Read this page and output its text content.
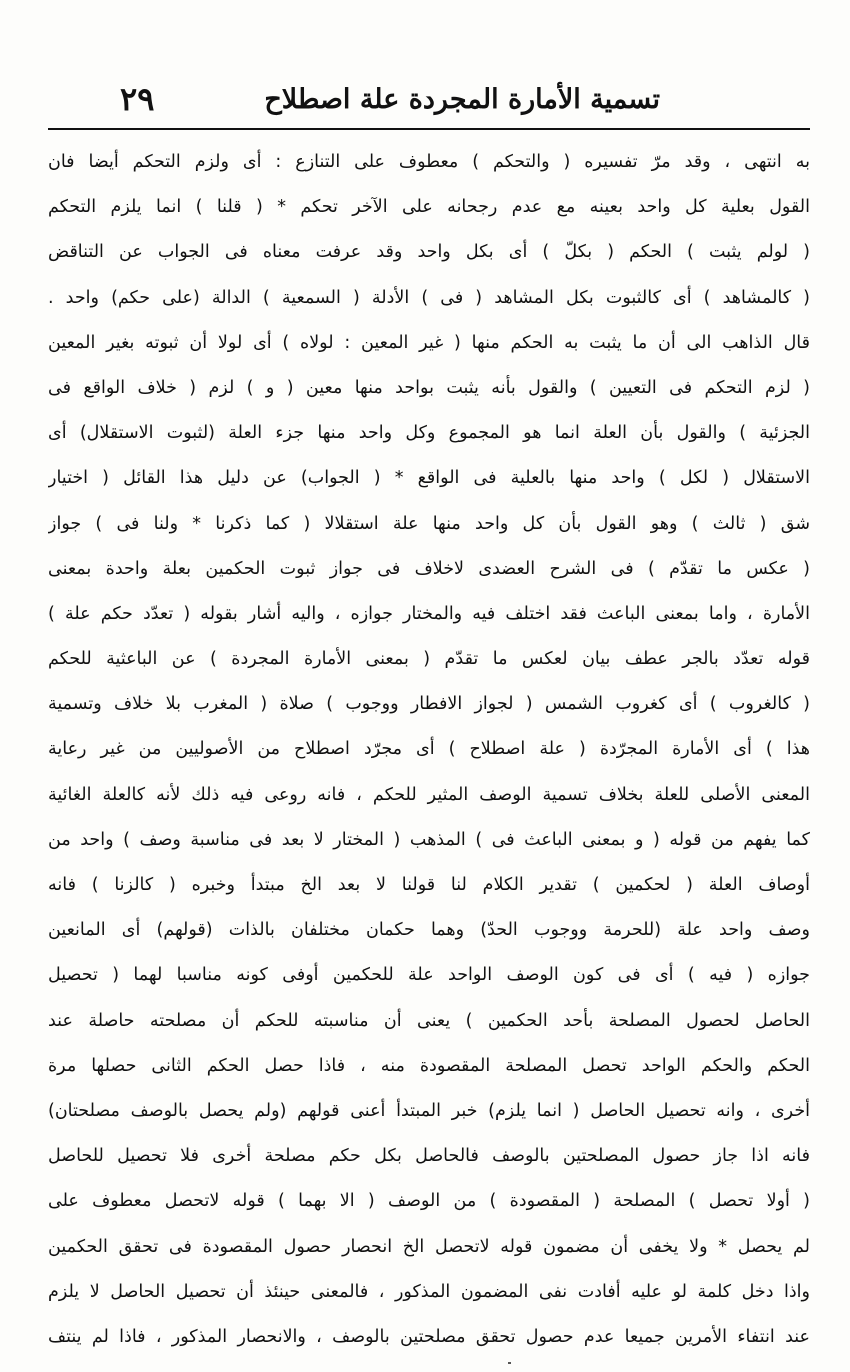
تسمية الأمارة المجردة علة اصطلاح
٢٩
به انتهى ، وقد مرّ تفسيره ( والتحكم ) معطوف على التنازع : أى ولزم التحكم أيضا فان
القول بعلية كل واحد بعينه مع عدم رجحانه على الآخر تحكم * ( قلنا ) انما يلزم التحكم
( لولم يثبت ) الحكم ( بكلّ ) أى بكل واحد وقد عرفت معناه فى الجواب عن التناقض
( كالمشاهد ) أى كالثبوت بكل المشاهد ( فى ) الأدلة ( السمعية ) الدالة (على حكم) واحد .
قال الذاهب الى أن ما يثبت به الحكم منها ( غير المعين : لولاه ) أى لولا أن ثبوته بغير المعين
( لزم التحكم فى التعيين ) والقول بأنه يثبت بواحد منها معين ( و ) لزم ( خلاف الواقع فى
الجزئية ) والقول بأن العلة انما هو المجموع وكل واحد منها جزء العلة (لثبوت الاستقلال) أى
الاستقلال ( لكل ) واحد منها بالعلية فى الواقع * ( الجواب) عن دليل هذا القائل ( اختيار
شق ( ثالث ) وهو القول بأن كل واحد منها علة استقلالا ( كما ذكرنا * ولنا فى ) جواز
( عكس ما تقدّم ) فى الشرح العضدى لاخلاف فى جواز ثبوت الحكمين بعلة واحدة بمعنى
الأمارة ، واما بمعنى الباعث فقد اختلف فيه والمختار جوازه ، واليه أشار بقوله ( تعدّد حكم علة )
قوله تعدّد بالجر عطف بيان لعكس ما تقدّم ( بمعنى الأمارة المجردة ) عن الباعثية للحكم
( كالغروب ) أى كغروب الشمس ( لجواز الافطار ووجوب ) صلاة ( المغرب بلا خلاف وتسمية
هذا ) أى الأمارة المجرّدة ( علة اصطلاح ) أى مجرّد اصطلاح من الأصوليين من غير رعاية
المعنى الأصلى للعلة بخلاف تسمية الوصف المثير للحكم ، فانه روعى فيه ذلك لأنه كالعلة الغائية
كما يفهم من قوله ( و بمعنى الباعث فى ) المذهب ( المختار لا بعد فى مناسبة وصف ) واحد من
أوصاف العلة ( لحكمين ) تقدير الكلام لنا قولنا لا بعد الخ مبتدأ وخبره ( كالزنا ) فانه
وصف واحد علة (للحرمة ووجوب الحدّ) وهما حكمان مختلفان بالذات (قولهم) أى المانعين
جوازه ( فيه ) أى فى كون الوصف الواحد علة للحكمين أوفى كونه مناسبا لهما ( تحصيل
الحاصل لحصول المصلحة بأحد الحكمين ) يعنى أن مناسبته للحكم أن مصلحته حاصلة عند
الحكم والحكم الواحد تحصل المصلحة المقصودة منه ، فاذا حصل الحكم الثانى حصلها مرة
أخرى ، وانه تحصيل الحاصل ( انما يلزم) خبر المبتدأ أعنى قولهم (ولم يحصل بالوصف مصلحتان)
فانه اذا جاز حصول المصلحتين بالوصف فالحاصل بكل حكم مصلحة أخرى فلا تحصيل للحاصل
( أولا تحصل ) المصلحة ( المقصودة ) من الوصف ( الا بهما ) قوله لاتحصل معطوف على
لم يحصل * ولا يخفى أن مضمون قوله لاتحصل الخ انحصار حصول المقصودة فى تحقق الحكمين
واذا دخل كلمة لو عليه أفادت نفى المضمون المذكور ، فالمعنى حينئذ أن تحصيل الحاصل لا يلزم
عند انتفاء الأمرين جميعا عدم حصول تحقق مصلحتين بالوصف ، والانحصار المذكور ، فاذا لم ينتف
